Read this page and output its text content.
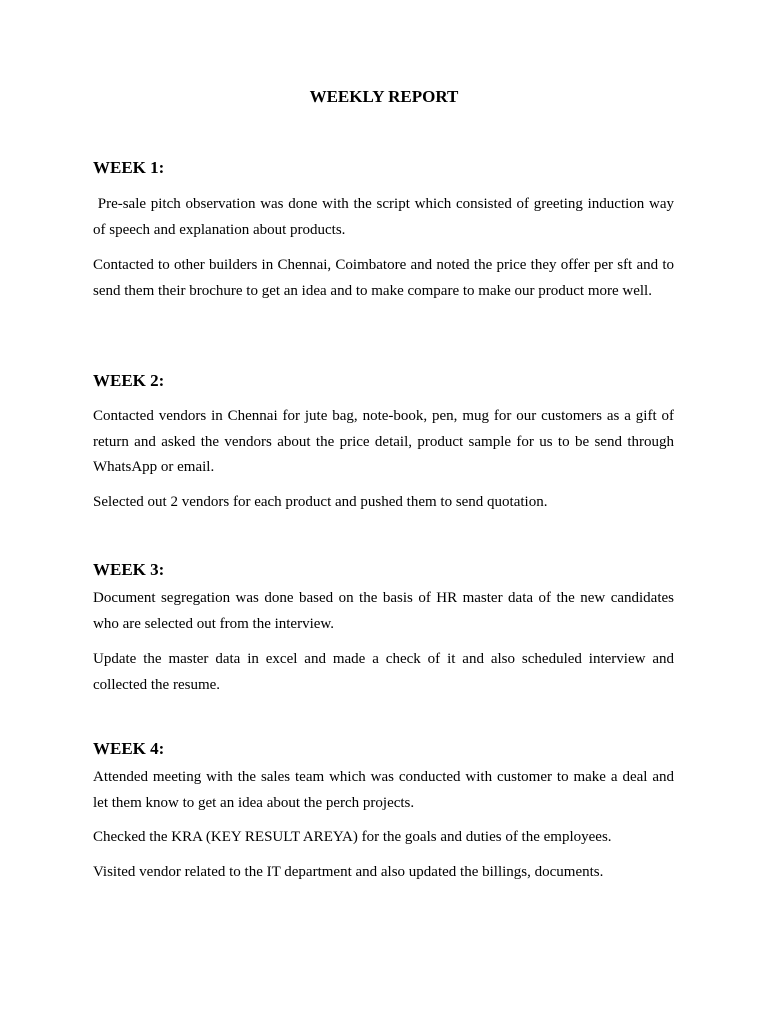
WEEKLY REPORT
WEEK 1:

Pre-sale pitch observation was done with the script which consisted of greeting induction way of speech and explanation about products.

Contacted to other builders in Chennai, Coimbatore and noted the price they offer per sft and to send them their brochure to get an idea and to make compare to make our product more well.

WEEK 2:

Contacted vendors in Chennai for jute bag, note-book, pen, mug for our customers as a gift of return and asked the vendors about the price detail, product sample for us to be send through WhatsApp or email.

Selected out 2 vendors for each product and pushed them to send quotation.

WEEK 3:

Document segregation was done based on the basis of HR master data of the new candidates who are selected out from the interview.

Update the master data in excel and made a check of it and also scheduled interview and collected the resume.

WEEK 4:

Attended meeting with the sales team which was conducted with customer to make a deal and let them know to get an idea about the perch projects.

Checked the KRA (KEY RESULT AREYA) for the goals and duties of the employees.

Visited vendor related to the IT department and also updated the billings, documents.
